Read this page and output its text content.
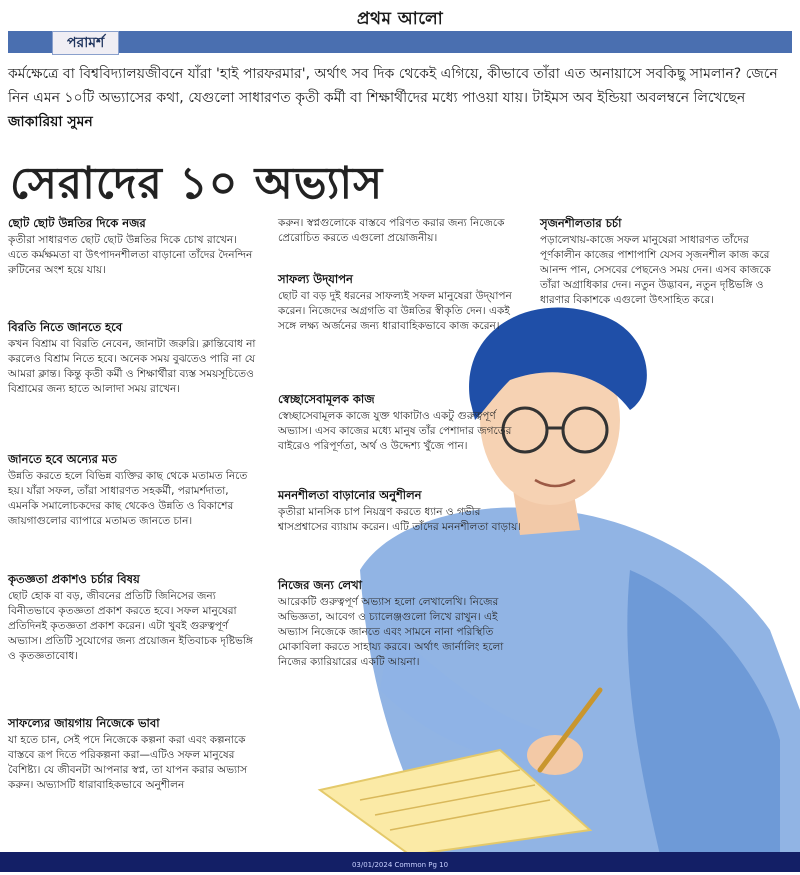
প্রথম আলো
পরামর্শ
কর্মক্ষেত্রে বা বিশ্ববিদ্যালয়জীবনে যাঁরা 'হাই পারফরমার', অর্থাৎ সব দিক থেকেই এগিয়ে, কীভাবে তাঁরা এত অনায়াসে সবকিছু সামলান? জেনে নিন এমন ১০টি অভ্যাসের কথা, যেগুলো সাধারণত কৃতী কর্মী বা শিক্ষার্থীদের মধ্যে পাওয়া যায়। টাইমস অব ইন্ডিয়া অবলম্বনে লিখেছেন জাকারিয়া সুমন
সেরাদের ১০ অভ্যাস
ছোট ছোট উন্নতির দিকে নজর

কৃতীরা সাধারণত ছোট ছোট উন্নতির দিকে চোখ রাখেন। এতে কর্মক্ষমতা বা উৎপাদনশীলতা বাড়ানো তাঁদের দৈনন্দিন রুটিনের অংশ হয়ে যায়।

বিরতি নিতে জানতে হবে

কখন বিশ্রাম বা বিরতি নেবেন, জানাটা জরুরি। ক্লান্তিবোধ না করলেও বিশ্রাম নিতে হবে। অনেক সময় বুঝতেও পারি না যে আমরা ক্লান্ত। কিন্তু কৃতী কর্মী ও শিক্ষার্থীরা ব্যস্ত সময়সূচিতেও বিশ্রামের জন্য হাতে আলাদা সময় রাখেন।

জানতে হবে অন্যের মত

উন্নতি করতে হলে বিভিন্ন ব্যক্তির কাছ থেকে মতামত নিতে হয়। যাঁরা সফল, তাঁরা সাধারণত সহকর্মী, পরামর্শদাতা, এমনকি সমালোচকদের কাছ থেকেও উন্নতি ও বিকাশের জায়গাগুলোর ব্যাপারে মতামত জানতে চান।

কৃতজ্ঞতা প্রকাশও চর্চার বিষয়

ছোট হোক বা বড়, জীবনের প্রতিটি জিনিসের জন্য বিনীতভাবে কৃতজ্ঞতা প্রকাশ করতে হবে। সফল মানুষেরা প্রতিদিনই কৃতজ্ঞতা প্রকাশ করেন। এটা খুবই গুরুত্বপূর্ণ অভ্যাস। প্রতিটি সুযোগের জন্য প্রয়োজন ইতিবাচক দৃষ্টিভঙ্গি ও কৃতজ্ঞতাবোধ।

সাফল্যের জায়গায় নিজেকে ভাবা

যা হতে চান, সেই পদে নিজেকে কল্পনা করা এবং কল্পনাকে বাস্তবে রূপ দিতে পরিকল্পনা করা—এটিও সফল মানুষের বৈশিষ্ট্য। যে জীবনটা আপনার স্বপ্ন, তা যাপন করার অভ্যাস করুন। অভ্যাসটি ধারাবাহিকভাবে অনুশীলন

করুন। স্বপ্নগুলোকে বাস্তবে পরিণত করার জন্য নিজেকে প্রেরোচিত করতে এগুলো প্রয়োজনীয়।

সাফল্য উদ্‌যাপন

ছোট বা বড় দুই ধরনের সাফল্যই সফল মানুষেরা উদ্‌যাপন করেন। নিজেদের অগ্রগতি বা উন্নতির স্বীকৃতি দেন। একই সঙ্গে লক্ষ্য অর্জনের জন্য ধারাবাহিকভাবে কাজ করেন।

স্বেচ্ছাসেবামূলক কাজ

স্বেচ্ছাসেবামূলক কাজে যুক্ত থাকাটাও একটু গুরুত্বপূর্ণ অভ্যাস। এসব কাজের মধ্যে মানুষ তাঁর পেশাদার জগতের বাইরেও পরিপূর্ণতা, অর্থ ও উদ্দেশ্য খুঁজে পান।

মননশীলতা বাড়ানোর অনুশীলন

কৃতীরা মানসিক চাপ নিয়ন্ত্রণ করতে ধ্যান ও গভীর শ্বাসপ্রশ্বাসের ব্যায়াম করেন। এটি তাঁদের মননশীলতা বাড়ায়।

নিজের জন্য লেখা

আরেকটি গুরুত্বপূর্ণ অভ্যাস হলো লেখালেখি। নিজের অভিজ্ঞতা, আবেগ ও চ্যালেঞ্জগুলো লিখে রাখুন। এই অভ্যাস নিজেকে জানতে এবং সামনে নানা পরিস্থিতি মোকাবিলা করতে সাহায্য করবে। অর্থাৎ জার্নালিং হলো নিজের ক্যারিয়ারের একটি আয়না।

সৃজনশীলতার চর্চা

পড়ালেখায়-কাজে সফল মানুষেরা সাধারণত তাঁদের পূর্ণকালীন কাজের পাশাপাশি যেসব সৃজনশীল কাজ করে আনন্দ পান, সেসবের পেছনেও সময় দেন। এসব কাজকে তাঁরা অগ্রাধিকার দেন। নতুন উদ্ভাবন, নতুন দৃষ্টিভঙ্গি ও ধারণার বিকাশকে এগুলো উৎসাহিত করে।

03/01/2024 Common Pg 10
